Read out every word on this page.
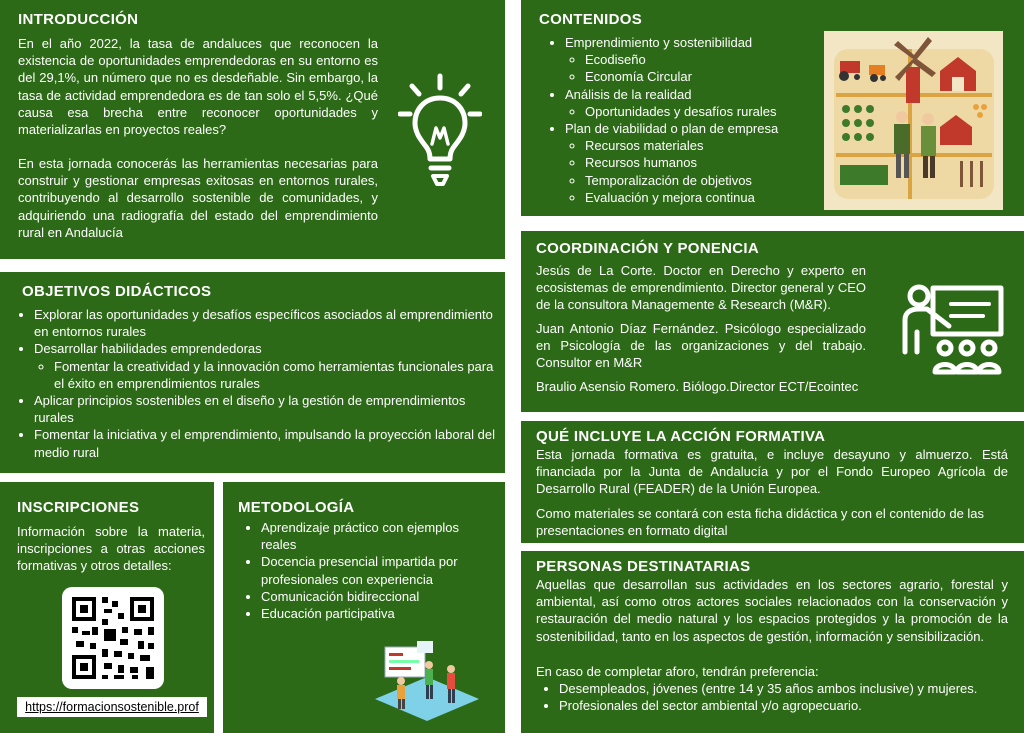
INTRODUCCIÓN

En el año 2022, la tasa de andaluces que reconocen la existencia de oportunidades emprendedoras en su entorno es del 29,1%, un número que no es desdeñable. Sin embargo, la tasa de actividad emprendedora es de tan solo el 5,5%. ¿Qué causa esa brecha entre reconocer oportunidades y materializarlas en proyectos reales?

En esta jornada conocerás las herramientas necesarias para construir y gestionar empresas exitosas en entornos rurales, contribuyendo al desarrollo sostenible de comunidades, y adquiriendo una radiografía del estado del emprendimiento rural en Andalucía

CONTENIDOS
• Emprendimiento y sostenibilidad
◦ Ecodiseño
◦ Economía Circular
• Análisis de la realidad
◦ Oportunidades y desafíos rurales
• Plan de viabilidad o plan de empresa
◦ Recursos materiales
◦ Recursos humanos
◦ Temporalización de objetivos
◦ Evaluación y mejora continua
OBJETIVOS DIDÁCTICOS
• Explorar las oportunidades y desafíos específicos asociados al emprendimiento en entornos rurales
• Desarrollar habilidades emprendedoras
◦ Fomentar la creatividad y la innovación como herramientas funcionales para el éxito en emprendimientos rurales
• Aplicar principios sostenibles en el diseño y la gestión de emprendimientos rurales
• Fomentar la iniciativa y el emprendimiento, impulsando la proyección laboral del medio rural
COORDINACIÓN Y PONENCIA

Jesús de La Corte. Doctor en Derecho y experto en ecosistemas de emprendimiento. Director general y CEO de la consultora Managemente & Research (M&R).

Juan Antonio Díaz Fernández. Psicólogo especializado en Psicología de las organizaciones y del trabajo. Consultor en M&R

Braulio Asensio Romero. Biólogo.Director ECT/Ecointec

QUÉ INCLUYE LA ACCIÓN FORMATIVA

Esta jornada formativa es gratuita, e incluye desayuno y almuerzo. Está financiada por la Junta de Andalucía y por el Fondo Europeo Agrícola de Desarrollo Rural (FEADER) de la Unión Europea.

Como materiales se contará con esta ficha didáctica y con el contenido de las presentaciones en formato digital

INSCRIPCIONES

Información sobre la materia, inscripciones a otras acciones formativas y otros detalles:

https://formacionsostenible.prof
METODOLOGÍA
• Aprendizaje práctico con ejemplos reales
• Docencia presencial impartida por profesionales con experiencia
• Comunicación bidireccional
• Educación participativa
PERSONAS DESTINATARIAS

Aquellas que desarrollan sus actividades en los sectores agrario, forestal y ambiental, así como otros actores sociales relacionados con la conservación y restauración del medio natural y los espacios protegidos y la promoción de la sostenibilidad, tanto en los aspectos de gestión, información y sensibilización.

En caso de completar aforo, tendrán preferencia:

• Desempleados, jóvenes (entre 14 y 35 años ambos inclusive) y mujeres.
• Profesionales del sector ambiental y/o agropecuario.
